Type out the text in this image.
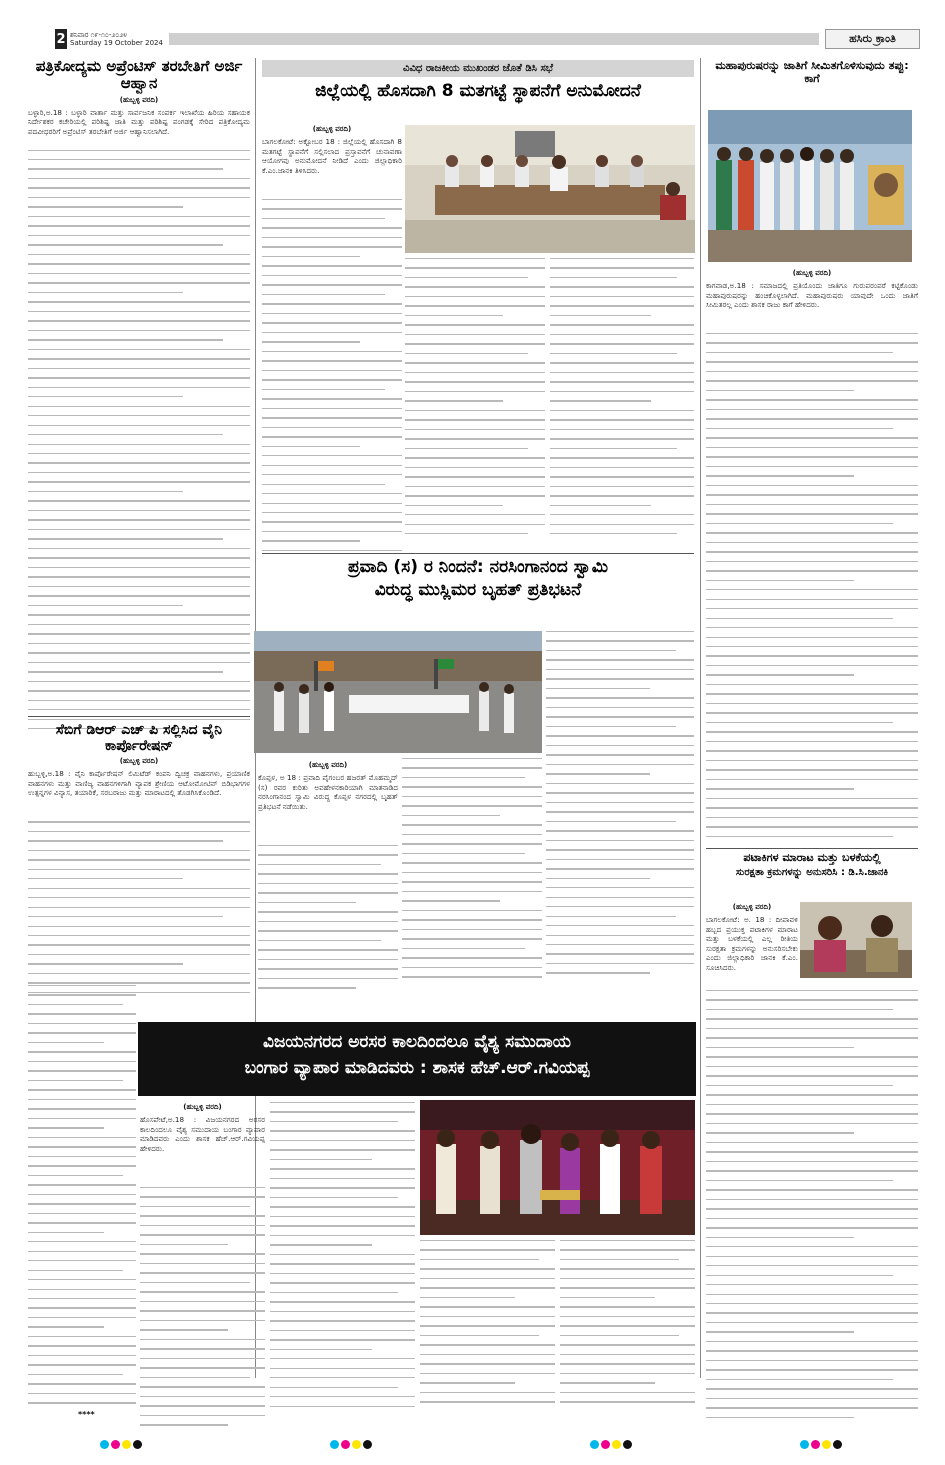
2 ಶನಿವಾರ ೧೯-೧೦-೨೦೨೪
Saturday 19 October 2024	ಹಸಿರು ಕ್ರಾಂತಿ
ಪತ್ರಿಕೋದ್ಯಮ ಅಪ್ರೆಂಟಿಸ್ ತರಬೇತಿಗೆ ಅರ್ಜಿ ಆಹ್ವಾನ
(ಹುಬ್ಬಳ್ಳಿ ವರದಿ)
ಬಳ್ಳಾರಿ,ಅ.18 : ಬಳ್ಳಾರಿ ವಾರ್ತಾ ಮತ್ತು ಸಾರ್ವಜನಿಕ ಸಂಪರ್ಕ ಇಲಾಖೆಯ ಹಿರಿಯ ಸಹಾಯಕ ನಿರ್ದೇಶಕರ ಕಚೇರಿಯಲ್ಲಿ ಪರಿಶಿಷ್ಟ ಜಾತಿ ಮತ್ತು ಪರಿಶಿಷ್ಟ ಪಂಗಡಕ್ಕೆ ಸೇರಿದ ಪತ್ರಿಕೋದ್ಯಮ ಪದವೀಧರರಿಗೆ ಅಪ್ರೆಂಟಿಸ್ ತರಬೇತಿಗೆ ಅರ್ಜಿ ಆಹ್ವಾನಿಸಲಾಗಿದೆ.
ಸೆಬಿಗೆ ಡಿಆರ್ ಎಚ್ ಪಿ ಸಲ್ಲಿಸಿದ ವೈನಿ ಕಾರ್ಪೊರೇಷನ್
(ಹುಬ್ಬಳ್ಳಿ ವರದಿ)
ಹುಬ್ಬಳ್ಳಿ,ಅ.18 : ವೈನಿ ಕಾರ್ಪೊರೇಷನ್ ಲಿಮಿಟೆಡ್ ಕಂಪನಿ ದ್ವಿಚಕ್ರ ವಾಹನಗಳು, ಪ್ರಯಾಣಿಕ ವಾಹನಗಳು ಮತ್ತು ವಾಣಿಜ್ಯ ವಾಹನಗಳಿಗಾಗಿ ವ್ಯಾಪಕ ಶ್ರೇಣಿಯ ಆಟೋಮೋಟಿವ್ ಬಿಡಿಭಾಗಗಳ ಉತ್ಪನ್ನಗಳ ವಿನ್ಯಾಸ, ತಯಾರಿಕೆ, ಸರಬರಾಜು ಮತ್ತು ಮಾರಾಟದಲ್ಲಿ ತೊಡಗಿಸಿಕೊಂಡಿದೆ.
****
ವಿವಿಧ ರಾಜಕೀಯ ಮುಖಂಡರ ಜೊತೆ ಡಿಸಿ ಸಭೆ
ಜಿಲ್ಲೆಯಲ್ಲಿ ಹೊಸದಾಗಿ 8 ಮತಗಟ್ಟೆ ಸ್ಥಾಪನೆಗೆ ಅನುಮೋದನೆ
(ಹುಬ್ಬಳ್ಳಿ ವರದಿ)
ಬಾಗಲಕೋಟೆ: ಅಕ್ಟೋಬರ 18 : ಜಿಲ್ಲೆಯಲ್ಲಿ ಹೊಸದಾಗಿ 8 ಮತಗಟ್ಟೆ ಸ್ಥಾಪನೆಗೆ ಸಲ್ಲಿಸಲಾದ ಪ್ರಸ್ತಾವನೆಗೆ ಚುನಾವಣಾ ಆಯೋಗವು ಅನುಮೋದನೆ ನೀಡಿದೆ ಎಂದು ಜಿಲ್ಲಾಧಿಕಾರಿ ಕೆ.ಎಂ.ಜಾನಕಿ ತಿಳಿಸಿದರು.
ಪ್ರವಾದಿ (ಸ) ರ ನಿಂದನೆ: ನರಸಿಂಗಾನಂದ ಸ್ವಾಮಿ
ವಿರುದ್ಧ ಮುಸ್ಲಿಮರ ಬೃಹತ್ ಪ್ರತಿಭಟನೆ
(ಹುಬ್ಬಳ್ಳಿ ವರದಿ)
ಕೊಪ್ಪಳ, ಅ 18 : ಪ್ರವಾದಿ ಪೈಗಂಬರ ಹಜರತ್ ಮೊಹಮ್ಮದ್ (ಸ) ರವರ ಕುರಿತು ಅವಹೇಳನಕಾರಿಯಾಗಿ ಮಾತನಾಡಿದ ನರಸಿಂಗಾನಂದ ಸ್ವಾಮಿ ವಿರುದ್ಧ ಕೊಪ್ಪಳ ನಗರದಲ್ಲಿ ಬೃಹತ್ ಪ್ರತಿಭಟನೆ ನಡೆಯಿತು.
ಮಹಾಪುರುಷರನ್ನು ಜಾತಿಗೆ ಸೀಮಿತಗೊಳಿಸುವುದು ತಪ್ಪು: ಕಾಗೆ
(ಹುಬ್ಬಳ್ಳಿ ವರದಿ)
ಕಾಗವಾಡ,ಅ.18 : ಸಮಾಜದಲ್ಲಿ ಪ್ರತಿಯೊಂದು ಜಾತಿಗೂ ಗುರುಪರಂಪರೆ ಕಟ್ಟಿಕೊಂಡು ಮಹಾಪುರುಷರನ್ನು ಹಂಚಿಕೊಳ್ಳಲಾಗಿದೆ. ಮಹಾಪುರುಷರು ಯಾವುದೇ ಒಂದು ಜಾತಿಗೆ ಸೀಮಿತರಲ್ಲ ಎಂದು ಶಾಸಕ ರಾಜು ಕಾಗೆ ಹೇಳಿದರು.
ಪಟಾಕಿಗಳ ಮಾರಾಟ ಮತ್ತು ಬಳಕೆಯಲ್ಲಿ
ಸುರಕ್ಷತಾ ಕ್ರಮಗಳನ್ನು ಅನುಸರಿಸಿ : ಡಿ.ಸಿ.ಜಾನಕಿ
(ಹುಬ್ಬಳ್ಳಿ ವರದಿ)
ಬಾಗಲಕೋಟೆ: ಅ. 18 : ದೀಪಾವಳಿ ಹಬ್ಬದ ಪ್ರಯುಕ್ತ ಪಟಾಕಿಗಳ ಮಾರಾಟ ಮತ್ತು ಬಳಕೆಯಲ್ಲಿ ಎಲ್ಲ ರೀತಿಯ ಸುರಕ್ಷತಾ ಕ್ರಮಗಳನ್ನು ಅನುಸರಿಸಬೇಕು ಎಂದು ಜಿಲ್ಲಾಧಿಕಾರಿ ಜಾನಕಿ ಕೆ.ಎಂ. ಸೂಚಿಸಿದರು.
ವಿಜಯನಗರದ ಅರಸರ ಕಾಲದಿಂದಲೂ ವೈಶ್ಯ ಸಮುದಾಯ
ಬಂಗಾರ ವ್ಯಾಪಾರ ಮಾಡಿದವರು : ಶಾಸಕ ಹೆಚ್.ಆರ್.ಗವಿಯಪ್ಪ
(ಹುಬ್ಬಳ್ಳಿ ವರದಿ)
ಹೊಸಪೇಟೆ,ಅ.18 : ವಿಜಯನಗರದ ಅರಸರ ಕಾಲದಿಂದಲೂ ವೈಶ್ಯ ಸಮುದಾಯ ಬಂಗಾರ ವ್ಯಾಪಾರ ಮಾಡಿದವರು ಎಂದು ಶಾಸಕ ಹೆಚ್.ಆರ್.ಗವಿಯಪ್ಪ ಹೇಳಿದರು.
